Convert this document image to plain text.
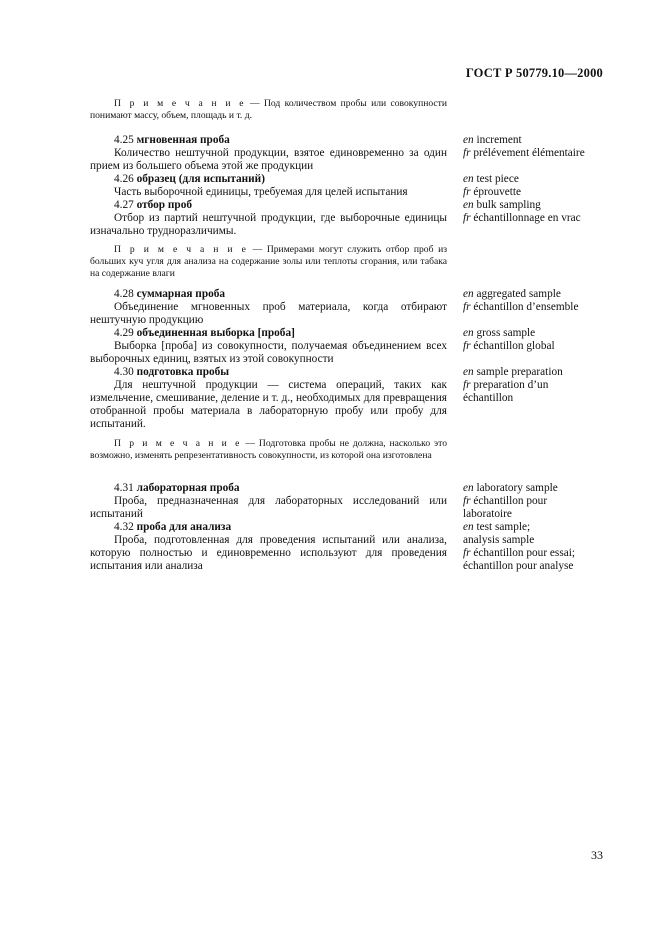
ГОСТ Р 50779.10—2000
П р и м е ч а н и е — Под количеством пробы или совокупности понимают массу, объем, площадь и т. д.
4.25 мгновенная проба
Количество нештучной продукции, взятое единовременно за один прием из большего объема этой же продукции
en increment
fr prélévement élémentaire
4.26 образец (для испытаний)
Часть выборочной единицы, требуемая для целей испытания
en test piece
fr éprouvette
4.27 отбор проб
Отбор из партий нештучной продукции, где выборочные единицы изначально трудноразличимы.
en bulk sampling
fr échantillonnage en vrac
П р и м е ч а н и е — Примерами могут служить отбор проб из больших куч угля для анализа на содержание золы или теплоты сгорания, или табака на содержание влаги
4.28 суммарная проба
Объединение мгновенных проб материала, когда отбирают нештучную продукцию
en aggregated sample
fr échantillon d’ensemble
4.29 объединенная выборка [проба]
Выборка [проба] из совокупности, получаемая объединением всех выборочных единиц, взятых из этой совокупности
en gross sample
fr échantillon global
4.30 подготовка пробы
Для нештучной продукции — система операций, таких как измельчение, смешивание, деление и т. д., необходимых для превращения отобранной пробы материала в лабораторную пробу или пробу для испытаний.
en sample preparation
fr preparation d’un échantillon
П р и м е ч а н и е — Подготовка пробы не должна, насколько это возможно, изменять репрезентативность совокупности, из которой она изготовлена
4.31 лабораторная проба
Проба, предназначенная для лабораторных исследований или испытаний
en laboratory sample
fr échantillon pour laboratoire
4.32 проба для анализа
Проба, подготовленная для проведения испытаний или анализа, которую полностью и единовременно используют для проведения испытания или анализа
en test sample; analysis sample
fr échantillon pour essai; échantillon pour analyse
33
